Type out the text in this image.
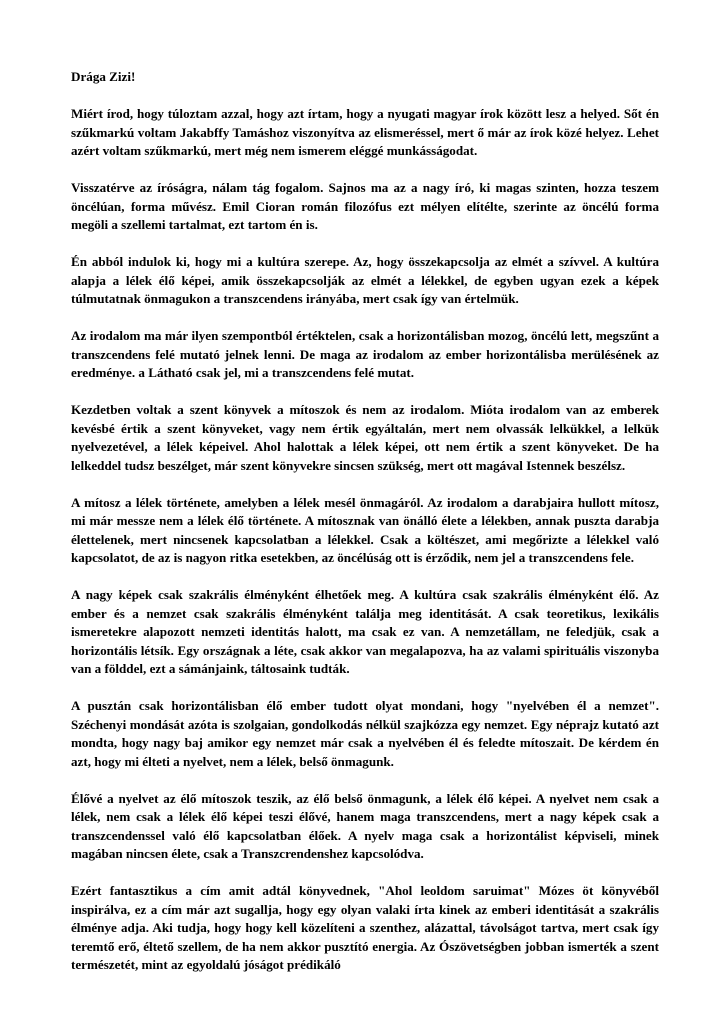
Drága Zizi!

Miért írod, hogy túloztam azzal, hogy azt írtam, hogy a nyugati magyar írok között lesz a helyed. Sőt én szűkmarkú voltam Jakabffy Tamáshoz viszonyítva az elismeréssel, mert ő már az írok közé helyez. Lehet azért voltam szűkmarkú, mert még nem ismerem eléggé munkásságodat.

Visszatérve az íróságra, nálam tág fogalom. Sajnos ma az a nagy író, ki magas szinten, hozza teszem öncélúan, forma művész. Emil Cioran román filozófus ezt mélyen elítélte, szerinte az öncélú forma megöli a szellemi tartalmat, ezt tartom én is.

Én abból indulok ki, hogy mi a kultúra szerepe. Az, hogy összekapcsolja az elmét a szívvel. A kultúra alapja a lélek élő képei, amik összekapcsolják az elmét a lélekkel, de egyben ugyan ezek a képek túlmutatnak önmagukon a transzcendens irányába, mert csak így van értelmük.

Az irodalom ma már ilyen szempontból értéktelen, csak a horizontálisban mozog, öncélú lett, megszűnt a transzcendens felé mutató jelnek lenni. De maga az irodalom az ember horizontálisba merülésének az eredménye. a Látható csak jel, mi a transzcendens felé mutat.

Kezdetben voltak a szent könyvek a mítoszok és nem az irodalom. Mióta irodalom van az emberek kevésbé értik a szent könyveket, vagy nem értik egyáltalán, mert nem olvassák lelkükkel, a lelkük nyelvezetével, a lélek képeivel. Ahol halottak a lélek képei, ott nem értik a szent könyveket. De ha lelkeddel tudsz beszélget, már szent könyvekre sincsen szükség, mert ott magával Istennek beszélsz.

A mítosz a lélek története, amelyben a lélek mesél önmagáról. Az irodalom a darabjaira hullott mítosz, mi már messze nem a lélek élő története. A mítosznak van önálló élete a lélekben, annak puszta darabja élettelenek, mert nincsenek kapcsolatban a lélekkel. Csak a költészet, ami megőrizte a lélekkel való kapcsolatot, de az is nagyon ritka esetekben, az öncélúság ott is érződik, nem jel a transzcendens fele.

A nagy képek csak szakrális élményként élhetőek meg. A kultúra csak szakrális élményként élő. Az ember és a nemzet csak szakrális élményként találja meg identitását. A csak teoretikus, lexikális ismeretekre alapozott nemzeti identitás halott, ma csak ez van. A nemzetállam, ne feledjük, csak a horizontális létsík. Egy országnak a léte, csak akkor van megalapozva, ha az valami spirituális viszonyba van a földdel, ezt a sámánjaink, táltosaink tudták.

A pusztán csak horizontálisban élő ember tudott olyat mondani, hogy "nyelvében él a nemzet". Széchenyi mondását azóta is szolgaian, gondolkodás nélkül szajkózza egy nemzet. Egy néprajz kutató azt mondta, hogy nagy baj amikor egy nemzet már csak a nyelvében él és feledte mítoszait. De kérdem én azt, hogy mi élteti a nyelvet, nem a lélek, belső önmagunk.

Élővé a nyelvet az élő mítoszok teszik, az élő belső önmagunk, a lélek élő képei. A nyelvet nem csak a lélek, nem csak a lélek élő képei teszi élővé, hanem maga transzcendens, mert a nagy képek csak a transzcendenssel való élő kapcsolatban élőek. A nyelv maga csak a horizontálist képviseli, minek magában nincsen élete, csak a Transzcrendenshez kapcsolódva.

Ezért fantasztikus a cím amit adtál könyvednek, "Ahol leoldom saruimat" Mózes öt könyvéből inspirálva, ez a cím már azt sugallja, hogy egy olyan valaki írta kinek az emberi identitását a szakrális élménye adja. Aki tudja, hogy hogy kell közelíteni a szenthez, alázattal, távolságot tartva, mert csak így teremtő erő, éltető szellem, de ha nem akkor pusztító energia. Az Ószövetségben jobban ismerték a szent természetét, mint az egyoldalú jóságot prédikáló
